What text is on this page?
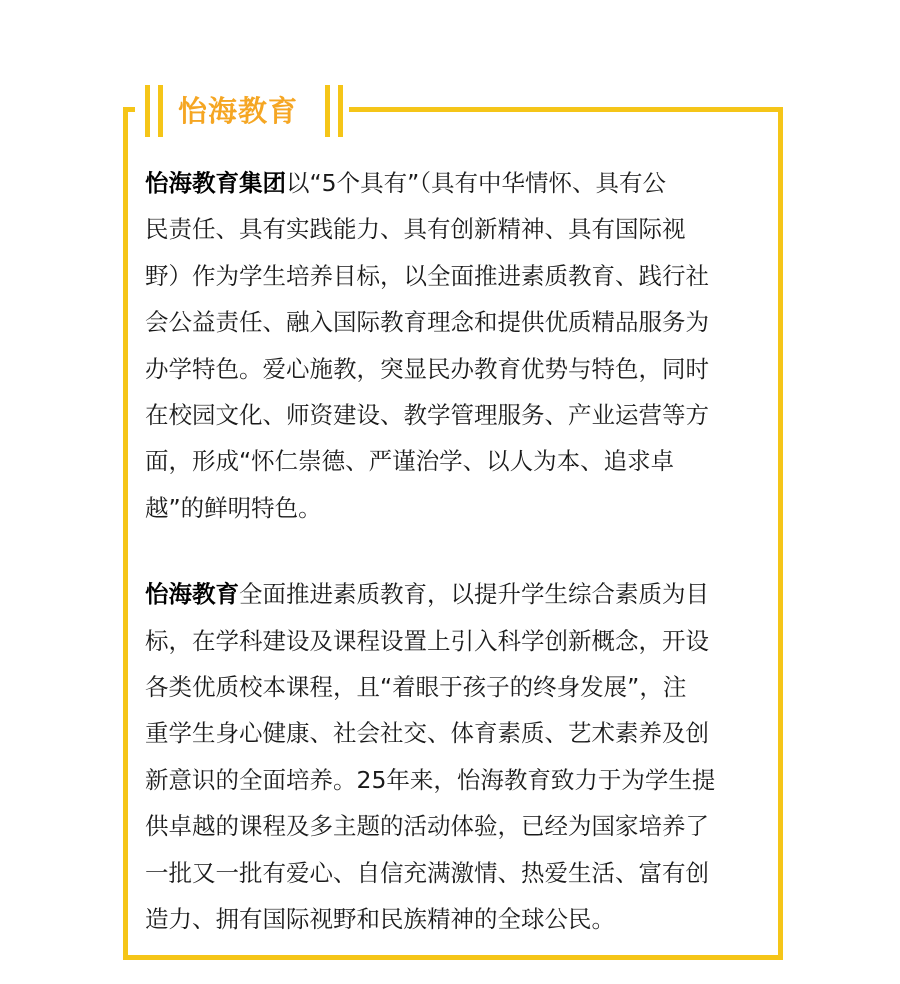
怡海教育

怡海教育集团以“5个具有”（具有中华情怀、具有公
民责任、具有实践能力、具有创新精神、具有国际视
野）作为学生培养目标，以全面推进素质教育、践行社
会公益责任、融入国际教育理念和提供优质精品服务为
办学特色。爱心施教，突显民办教育优势与特色，同时
在校园文化、师资建设、教学管理服务、产业运营等方
面，形成“怀仁崇德、严谨治学、以人为本、追求卓
越”的鲜明特色。

怡海教育全面推进素质教育，以提升学生综合素质为目
标，在学科建设及课程设置上引入科学创新概念，开设
各类优质校本课程，且“着眼于孩子的终身发展”，注
重学生身心健康、社会社交、体育素质、艺术素养及创
新意识的全面培养。25年来，怡海教育致力于为学生提
供卓越的课程及多主题的活动体验，已经为国家培养了
一批又一批有爱心、自信充满激情、热爱生活、富有创
造力、拥有国际视野和民族精神的全球公民。
